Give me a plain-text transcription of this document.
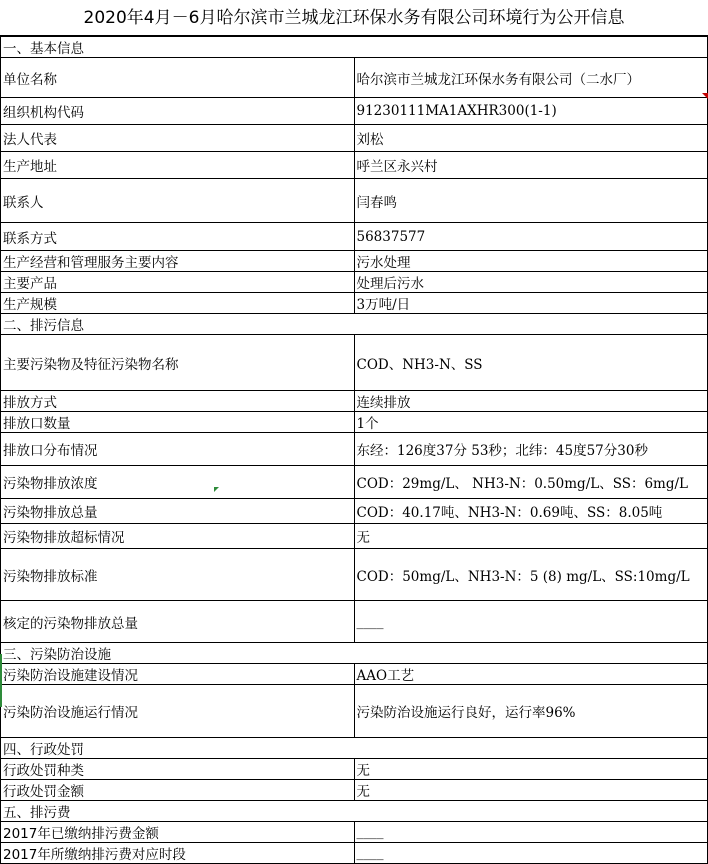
2020年4月－6月哈尔滨市兰城龙江环保水务有限公司环境行为公开信息
一、基本信息	
单位名称	哈尔滨市兰城龙江环保水务有限公司（二水厂）
组织机构代码	91230111MA1AXHR300(1-1)
法人代表	刘松
生产地址	呼兰区永兴村
联系人	闫春鸣
联系方式	56837577
生产经营和管理服务主要内容	污水处理
主要产品	处理后污水
生产规模	3万吨/日
二、排污信息	
主要污染物及特征污染物名称	COD、NH3-N、SS
排放方式	连续排放
排放口数量	1个
排放口分布情况	东经：126度37分 53秒；北纬：45度57分30秒
污染物排放浓度	COD：29mg/L、 NH3-N：0.50mg/L、SS：6mg/L
污染物排放总量	COD：40.17吨、NH3-N：0.69吨、SS：8.05吨
污染物排放超标情况	无
污染物排放标准	COD：50mg/L、NH3-N：5 (8) mg/L、SS:10mg/L
核定的污染物排放总量	____
三、污染防治设施	
污染防治设施建设情况	AAO工艺
污染防治设施运行情况	污染防治设施运行良好，运行率96%
四、行政处罚	
行政处罚种类	无
行政处罚金额	无
五、排污费	
2017年已缴纳排污费金额	____
2017年所缴纳排污费对应时段	____
